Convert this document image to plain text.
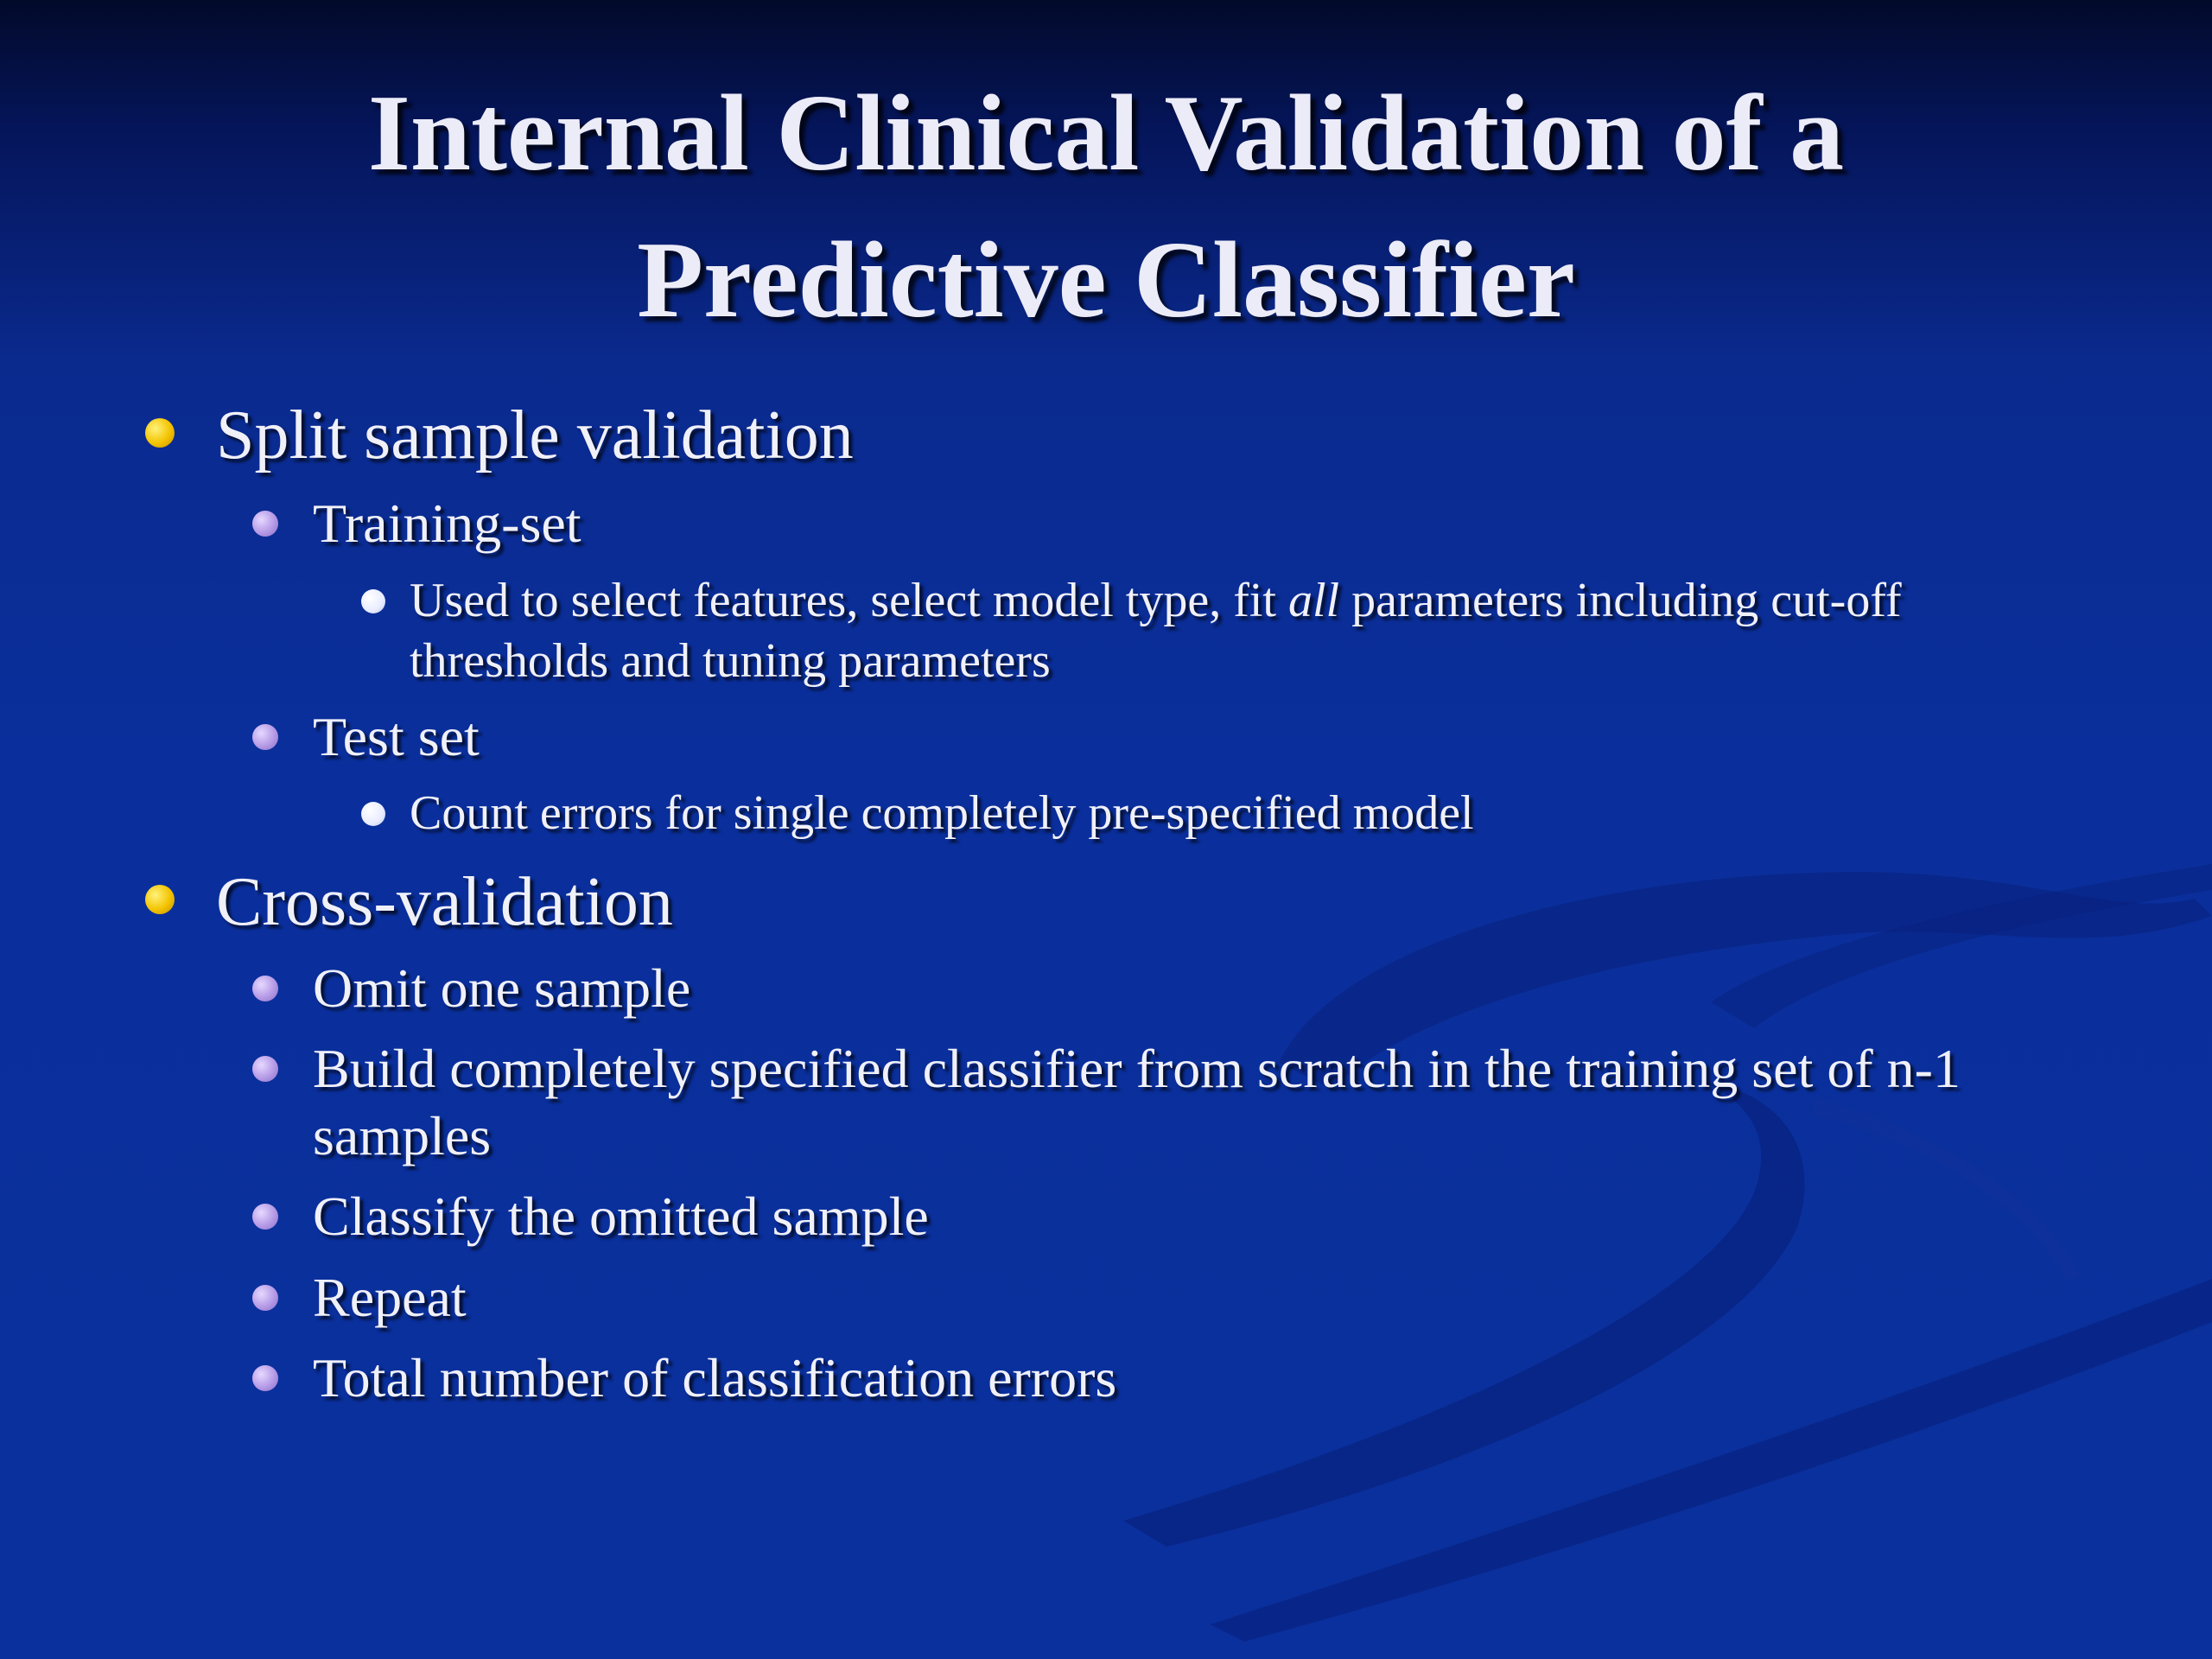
Internal Clinical Validation of a
Predictive Classifier
Split sample validation
Training-set
Used to select features, select model type, fit all parameters including cut-off
thresholds and tuning parameters
Test set
Count errors for single completely pre-specified model
Cross-validation
Omit one sample
Build completely specified classifier from scratch in the training set of n-1
samples
Classify the omitted sample
Repeat
Total number of classification errors
